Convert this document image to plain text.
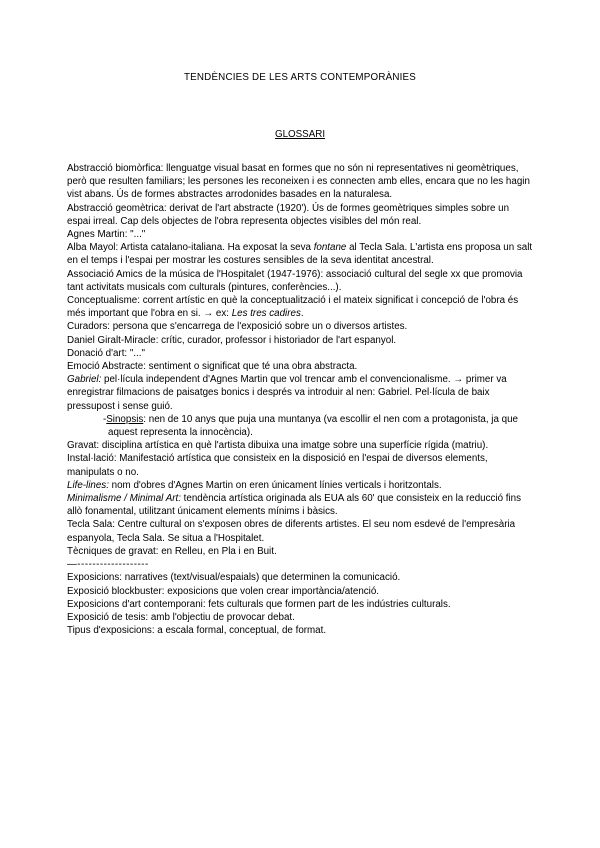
TENDÈNCIES DE LES ARTS CONTEMPORÀNIES
GLOSSARI
Abstracció biomòrfica: llenguatge visual basat en formes que no són ni representatives ni geomètriques, però que resulten familiars; les persones les reconeixen i es connecten amb elles, encara que no les hagin vist abans. Ús de formes abstractes arrodonides basades en la naturalesa.
Abstracció geomètrica: derivat de l'art abstracte (1920'). Ús de formes geomètriques simples sobre un espai irreal. Cap dels objectes de l'obra representa objectes visibles del món real.
Agnes Martin: "..."
Alba Mayol: Artista catalano-italiana. Ha exposat la seva fontane al Tecla Sala. L'artista ens proposa un salt en el temps i l'espai per mostrar les costures sensibles de la seva identitat ancestral.
Associació Amics de la música de l'Hospitalet (1947-1976): associació cultural del segle xx que promovia tant activitats musicals com culturals (pintures, conferències...).
Conceptualisme: corrent artístic en què la conceptualització i el mateix significat i concepció de l'obra és més important que l'obra en si. → ex: Les tres cadires.
Curadors: persona que s'encarrega de l'exposició sobre un o diversos artistes.
Daniel Giralt-Miracle: crític, curador, professor i historiador de l'art espanyol.
Donació d'art: "..."
Emoció Abstracte: sentiment o significat que té una obra abstracta.
Gabriel: pel·lícula independent d'Agnes Martin que vol trencar amb el convencionalisme. → primer va enregistrar filmacions de paisatges bonics i després va introduir al nen: Gabriel. Pel·lícula de baix pressupost i sense guió.
-Sinopsis: nen de 10 anys que puja una muntanya (va escollir el nen com a protagonista, ja que aquest representa la innocència).
Gravat: disciplina artística en què l'artista dibuixa una imatge sobre una superfície rígida (matriu).
Instal·lació: Manifestació artística que consisteix en la disposició en l'espai de diversos elements, manipulats o no.
Life-lines: nom d'obres d'Agnes Martin on eren únicament línies verticals i horitzontals.
Minimalisme / Minimal Art: tendència artística originada als EUA als 60' que consisteix en la reducció fins allò fonamental, utilitzant únicament elements mínims i bàsics.
Tecla Sala: Centre cultural on s'exposen obres de diferents artistes. El seu nom esdevé de l'empresària espanyola, Tecla Sala. Se situa a l'Hospitalet.
Tècniques de gravat: en Relleu, en Pla i en Buit.
—-------------------
Exposicions: narratives (text/visual/espaials) que determinen la comunicació.
Exposició blockbuster: exposicions que volen crear importància/atenció.
Exposicions d'art contemporani: fets culturals que formen part de les indústries culturals.
Exposició de tesis: amb l'objectiu de provocar debat.
Tipus d'exposicions: a escala formal, conceptual, de format.
